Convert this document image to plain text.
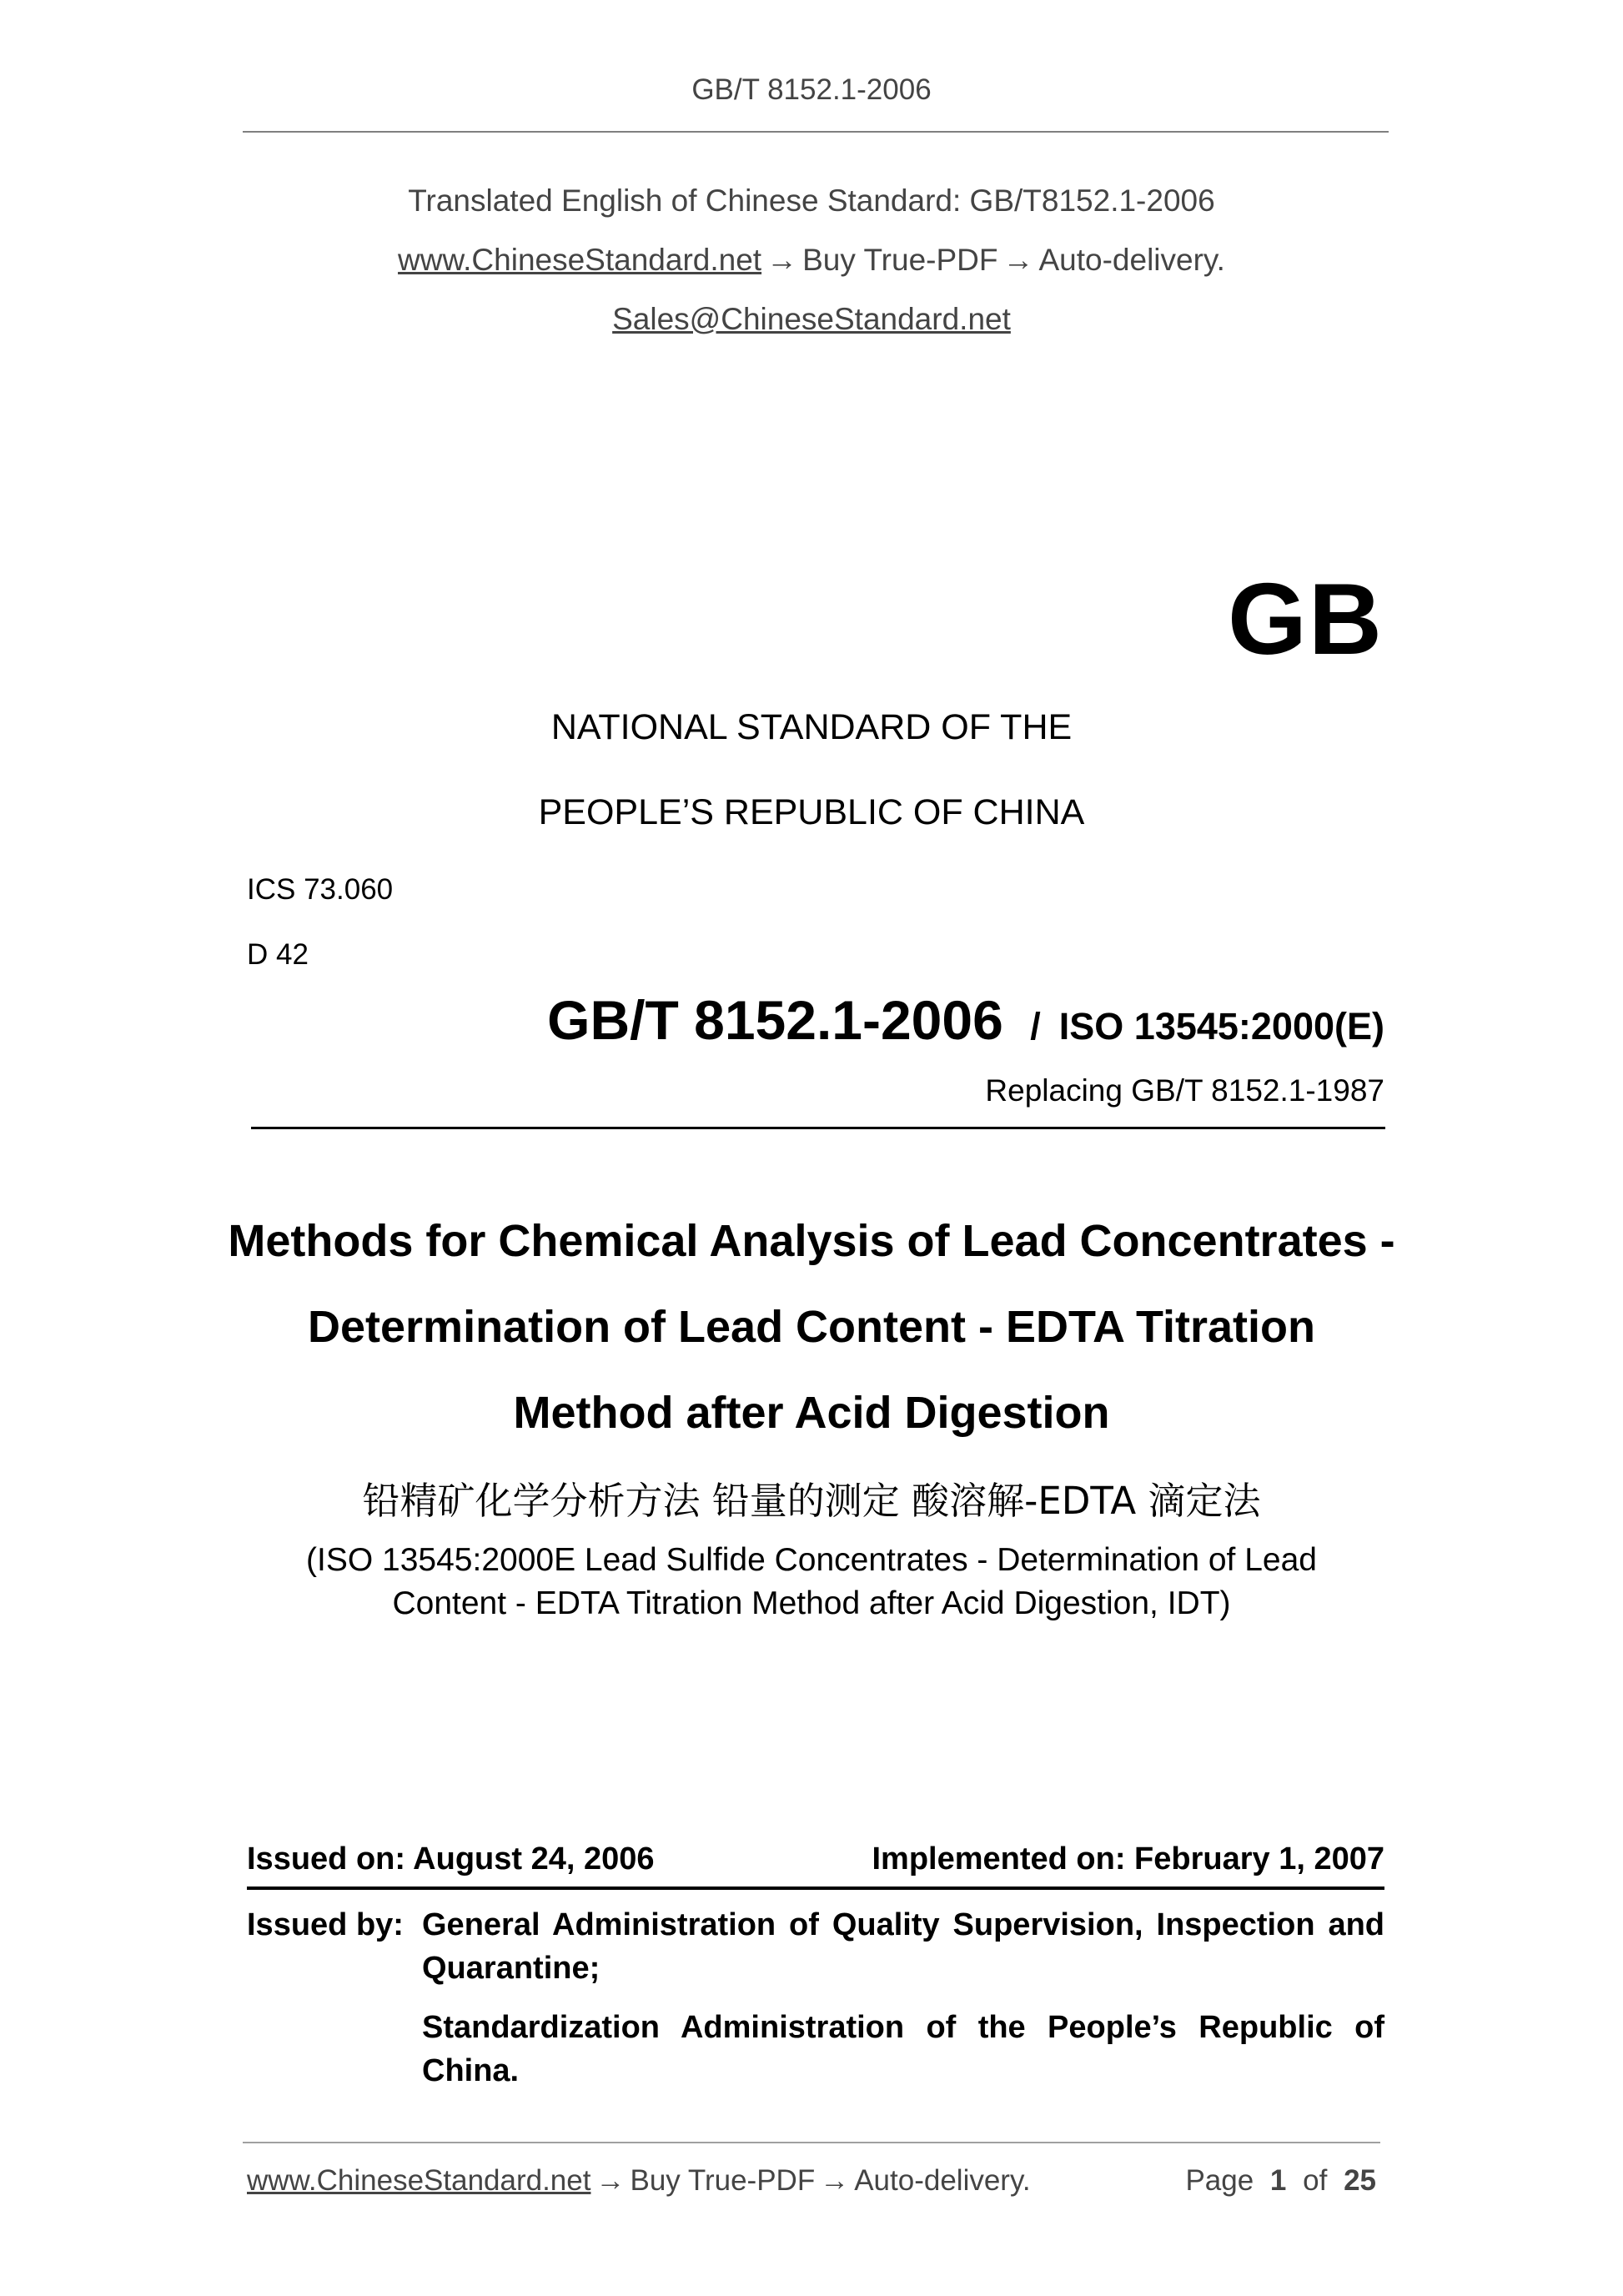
GB/T 8152.1-2006
Translated English of Chinese Standard: GB/T8152.1-2006
www.ChineseStandard.net → Buy True-PDF → Auto-delivery.
Sales@ChineseStandard.net
GB
NATIONAL STANDARD OF THE
PEOPLE’S REPUBLIC OF CHINA
ICS 73.060
D 42
GB/T 8152.1-2006 / ISO 13545:2000(E)
Replacing GB/T 8152.1-1987
Methods for Chemical Analysis of Lead Concentrates -
Determination of Lead Content - EDTA Titration
Method after Acid Digestion
铅精矿化学分析方法 铅量的测定 酸溶解-EDTA 滴定法
(ISO 13545:2000E Lead Sulfide Concentrates - Determination of Lead
Content - EDTA Titration Method after Acid Digestion, IDT)
Issued on: August 24, 2006	Implemented on: February 1, 2007
Issued by: General Administration of Quality Supervision, Inspection and Quarantine;
Standardization Administration of the People’s Republic of China.
www.ChineseStandard.net → Buy True-PDF → Auto-delivery.	Page 1 of 25
